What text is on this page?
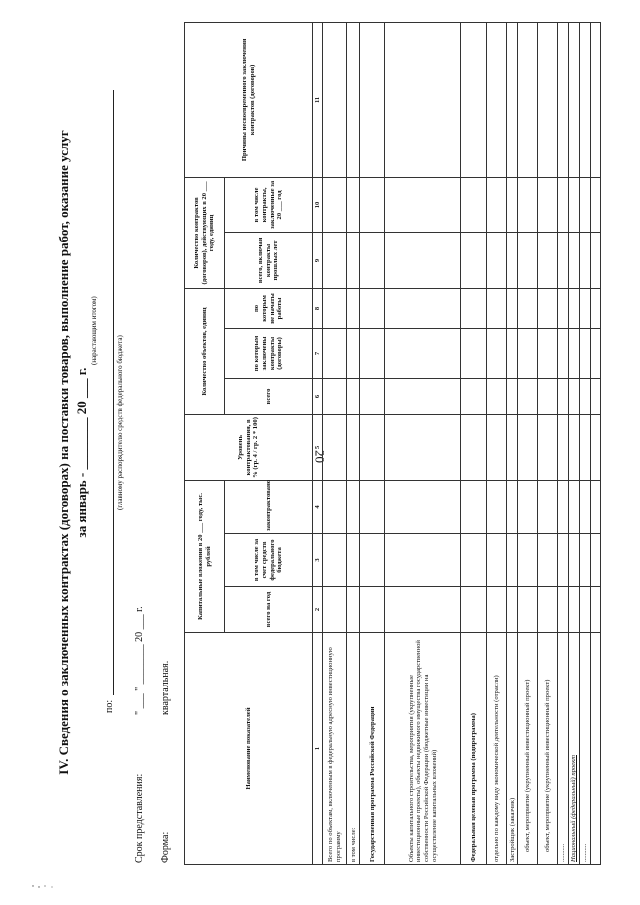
20
IV. Сведения о заключенных контрактах (договорах) на поставки товаров, выполнение работ, оказание услуг за январь - ________ 20 ___ г.
(нарастающим итогом)
по:
(главному распорядителю средств федерального бюджета)
Срок представления:
" ___ " ________ 20 ___ г.
Форма:
квартальная.
Наименование показателей	Капитальные вложения в 20 ___ году, тыс. рублей			Уровень контрактования, в % (гр. 4 / гр. 2 * 100)	Количество объектов, единиц			Количество контрактов (договоров), действующих в 20 ___ году, единиц		Причины несвоевременного заключения контрактов (договоров)
	всего на год	в том числе за счет средств федерального бюджета	законтрактовано		всего	по которым заключены контракты (договоры)	по которым не начаты работы	всего, включая контракты прошлых лет	в том числе контракты, заключенные за 20 ___ год	
1	2	3	4	5	6	7	8	9	10	11
Всего по объектам, включенным в федеральную адресную инвестиционную программу										
в том числе:										
Государственная программа Российской Федерации										
Объекты капитального строительства, мероприятия (укрупненные инвестиционные проекты), объекты недвижимого имущества государственной собственности Российской Федерации (бюджетные инвестиции на осуществление капитальных вложений)										
Федеральная целевая программа (подпрограмма)										
отдельно по каждому виду экономической деятельности (отрасли)										
Застройщик (заказчик)										
объект, мероприятие (укрупненный инвестиционный проект)										
объект, мероприятие (укрупненный инвестиционный проект)										
...........										
Национальный (федеральный) проект										
...........										
